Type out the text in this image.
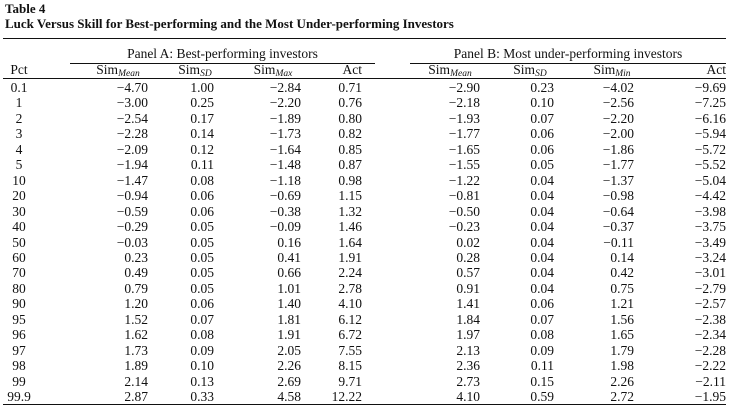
Table 4
Luck Versus Skill for Best-performing and the Most Under-performing Investors
Panel A: Best-performing investors	Panel B: Most under-performing investors
Pct	Sim$_{Mean}$	Sim$_{SD}$	Sim$_{Max}$	Act	Sim$_{Mean}$	Sim$_{SD}$	Sim$_{Min}$	Act
0.1	−4.70	1.00	−2.84	0.71	−2.90	0.23	−4.02	−9.69
1	−3.00	0.25	−2.20	0.76	−2.18	0.10	−2.56	−7.25
2	−2.54	0.17	−1.89	0.80	−1.93	0.07	−2.20	−6.16
3	−2.28	0.14	−1.73	0.82	−1.77	0.06	−2.00	−5.94
4	−2.09	0.12	−1.64	0.85	−1.65	0.06	−1.86	−5.72
5	−1.94	0.11	−1.48	0.87	−1.55	0.05	−1.77	−5.52
10	−1.47	0.08	−1.18	0.98	−1.22	0.04	−1.37	−5.04
20	−0.94	0.06	−0.69	1.15	−0.81	0.04	−0.98	−4.42
30	−0.59	0.06	−0.38	1.32	−0.50	0.04	−0.64	−3.98
40	−0.29	0.05	−0.09	1.46	−0.23	0.04	−0.37	−3.75
50	−0.03	0.05	0.16	1.64	0.02	0.04	−0.11	−3.49
60	0.23	0.05	0.41	1.91	0.28	0.04	0.14	−3.24
70	0.49	0.05	0.66	2.24	0.57	0.04	0.42	−3.01
80	0.79	0.05	1.01	2.78	0.91	0.04	0.75	−2.79
90	1.20	0.06	1.40	4.10	1.41	0.06	1.21	−2.57
95	1.52	0.07	1.81	6.12	1.84	0.07	1.56	−2.38
96	1.62	0.08	1.91	6.72	1.97	0.08	1.65	−2.34
97	1.73	0.09	2.05	7.55	2.13	0.09	1.79	−2.28
98	1.89	0.10	2.26	8.15	2.36	0.11	1.98	−2.22
99	2.14	0.13	2.69	9.71	2.73	0.15	2.26	−2.11
99.9	2.87	0.33	4.58	12.22	4.10	0.59	2.72	−1.95
